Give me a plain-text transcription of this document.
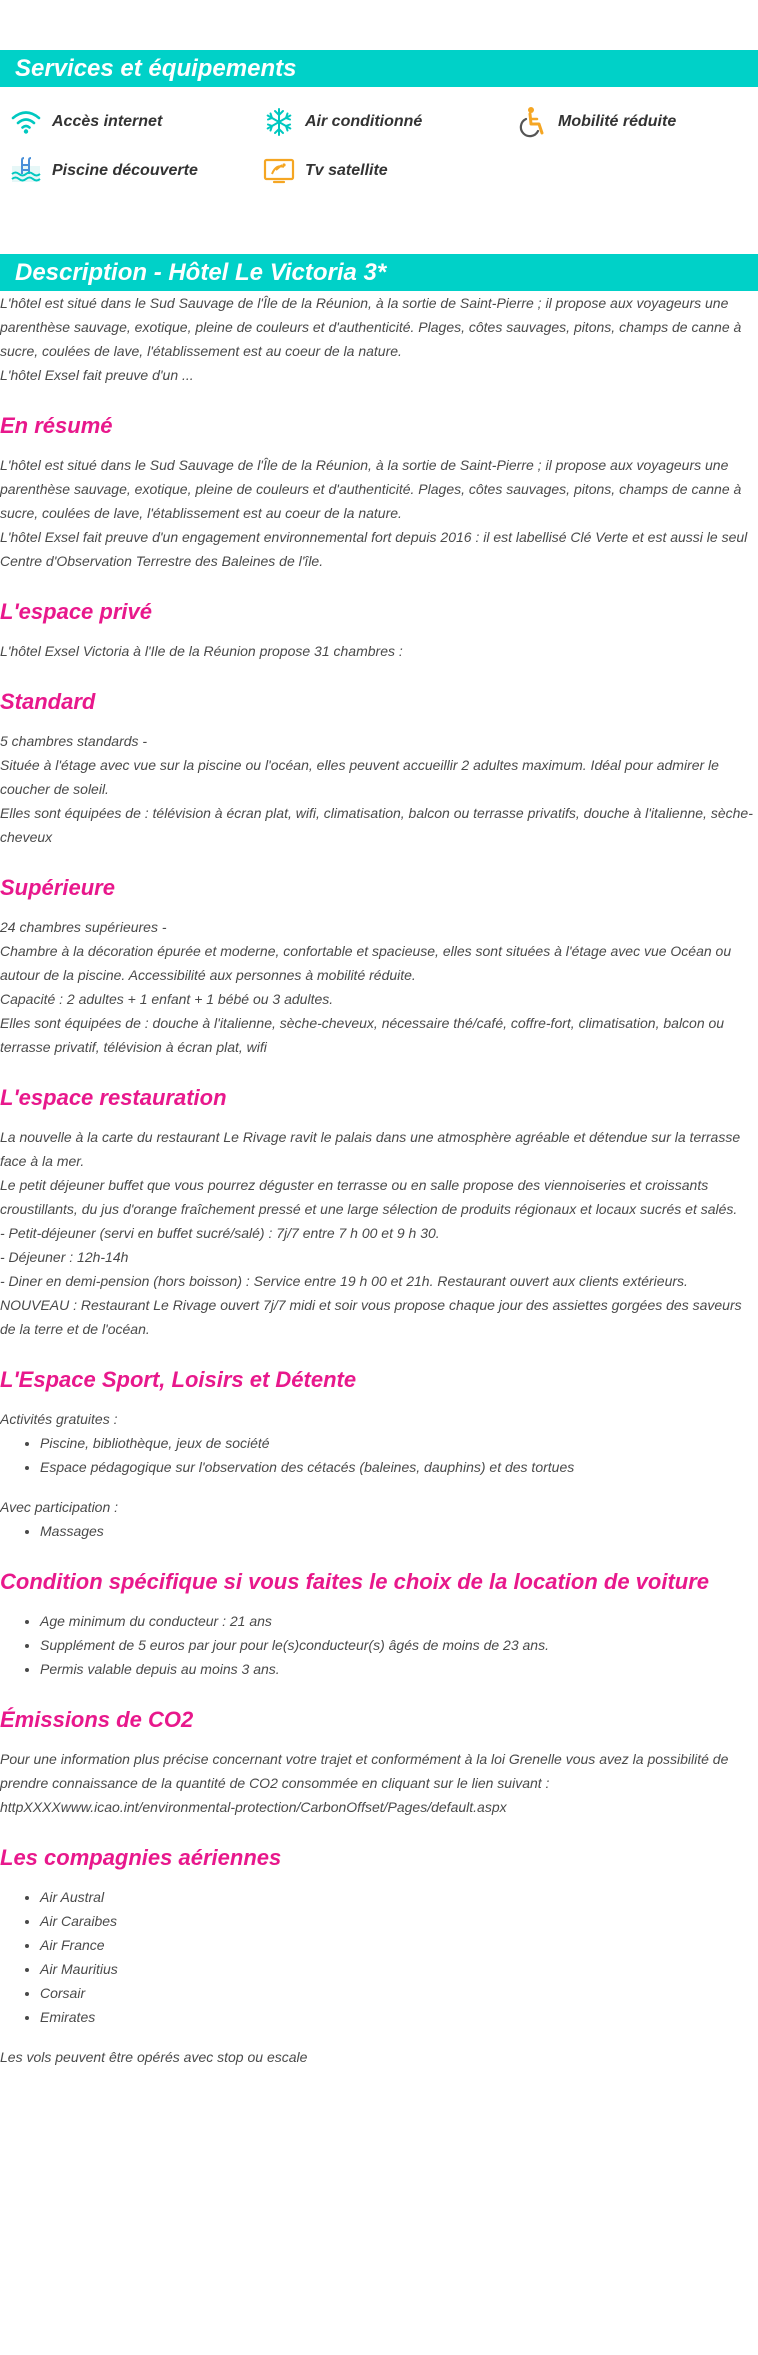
Services et équipements
Accès internet	Air conditionné	Mobilité réduite
Piscine découverte	Tv satellite
Description - Hôtel Le Victoria 3*

L'hôtel est situé dans le Sud Sauvage de l'Île de la Réunion, à la sortie de Saint-Pierre ; il propose aux voyageurs une parenthèse sauvage, exotique, pleine de couleurs et d'authenticité. Plages, côtes sauvages, pitons, champs de canne à sucre, coulées de lave, l'établissement est au coeur de la nature.

L'hôtel Exsel fait preuve d'un ...

En résumé

L'hôtel est situé dans le Sud Sauvage de l'Île de la Réunion, à la sortie de Saint-Pierre ; il propose aux voyageurs une parenthèse sauvage, exotique, pleine de couleurs et d'authenticité. Plages, côtes sauvages, pitons, champs de canne à sucre, coulées de lave, l'établissement est au coeur de la nature.

L'hôtel Exsel fait preuve d'un engagement environnemental fort depuis 2016 : il est labellisé Clé Verte et est aussi le seul Centre d'Observation Terrestre des Baleines de l'île.

L'espace privé

L'hôtel Exsel Victoria à l'Ile de la Réunion propose 31 chambres :

Standard

5 chambres standards -

Située à l'étage avec vue sur la piscine ou l'océan, elles peuvent accueillir 2 adultes maximum. Idéal pour admirer le coucher de soleil.

Elles sont équipées de : télévision à écran plat, wifi, climatisation, balcon ou terrasse privatifs, douche à l'italienne, sèche-cheveux

Supérieure

24 chambres supérieures -

Chambre à la décoration épurée et moderne, confortable et spacieuse, elles sont situées à l'étage avec vue Océan ou autour de la piscine. Accessibilité aux personnes à mobilité réduite.
Capacité : 2 adultes + 1 enfant + 1 bébé ou 3 adultes.

Elles sont équipées de : douche à l'italienne, sèche-cheveux, nécessaire thé/café, coffre-fort, climatisation, balcon ou terrasse privatif, télévision à écran plat, wifi

L'espace restauration

La nouvelle à la carte du restaurant Le Rivage ravit le palais dans une atmosphère agréable et détendue sur la terrasse face à la mer.

Le petit déjeuner buffet que vous pourrez déguster en terrasse ou en salle propose des viennoiseries et croissants croustillants, du jus d'orange fraîchement pressé et une large sélection de produits régionaux et locaux sucrés et salés.

- Petit-déjeuner (servi en buffet sucré/salé) : 7j/7 entre 7 h 00 et 9 h 30.
- Déjeuner : 12h-14h
- Diner en demi-pension (hors boisson) : Service entre 19 h 00 et 21h. Restaurant ouvert aux clients extérieurs.

NOUVEAU : Restaurant Le Rivage ouvert 7j/7 midi et soir vous propose chaque jour des assiettes gorgées des saveurs de la terre et de l'océan.

L'Espace Sport, Loisirs et Détente

Activités gratuites :

• Piscine, bibliothèque, jeux de société
• Espace pédagogique sur l'observation des cétacés (baleines, dauphins) et des tortues

Avec participation :

• Massages
Condition spécifique si vous faites le choix de la location de voiture
• Age minimum du conducteur : 21 ans
• Supplément de 5 euros par jour pour le(s)conducteur(s) âgés de moins de 23 ans.
• Permis valable depuis au moins 3 ans.
Émissions de CO2

Pour une information plus précise concernant votre trajet et conformément à la loi Grenelle vous avez la possibilité de prendre connaissance de la quantité de CO2 consommée en cliquant sur le lien suivant :
httpXXXXwww.icao.int/environmental-protection/CarbonOffset/Pages/default.aspx

Les compagnies aériennes
• Air Austral
• Air Caraibes
• Air France
• Air Mauritius
• Corsair
• Emirates

Les vols peuvent être opérés avec stop ou escale
